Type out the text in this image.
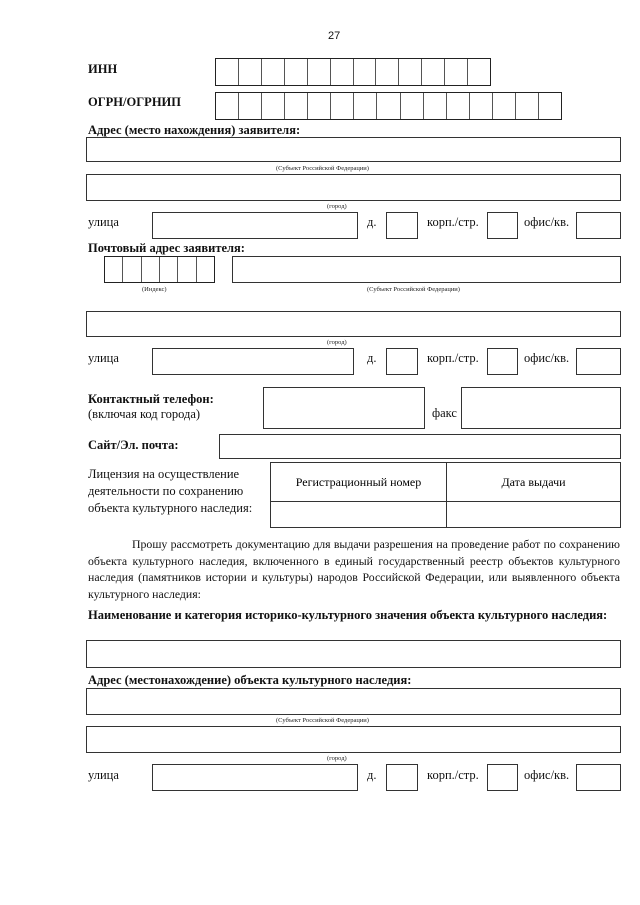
27
ИНН
ОГРН/ОГРНИП
Адрес (место нахождения) заявителя:
(Субъект Российской Федерации)
(город)
улица	д.	корп./стр.	офис/кв.
Почтовый адрес заявителя:
(Индекс)	(Субъект Российской Федерации)
(город)
улица	д.	корп./стр.	офис/кв.
Контактный телефон:
(включая код города)	факс
Сайт/Эл. почта:
Лицензия на осуществление
деятельности по сохранению
объекта культурного наследия:
Регистрационный номер	Дата выдачи

Прошу рассмотреть документацию для выдачи разрешения на проведение работ по сохранению объекта культурного наследия, включенного в единый государственный реестр объектов культурного наследия (памятников истории и культуры) народов Российской Федерации, или выявленного объекта культурного наследия:
Наименование и категория историко-культурного значения объекта культурного наследия:
Адрес (местонахождение) объекта культурного наследия:
(Субъект Российской Федерации)
(город)
улица	д.	корп./стр.	офис/кв.
